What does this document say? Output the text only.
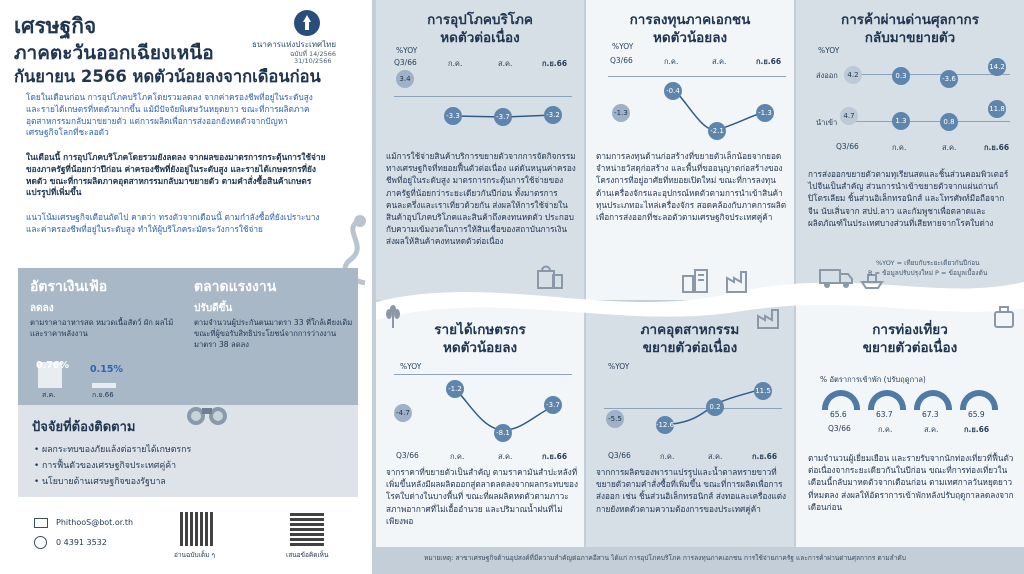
เศรษฐกิจ
ภาคตะวันออกเฉียงเหนือ
กันยายน 2566 หดตัวน้อยลงจากเดือนก่อน
ธนาคารแห่งประเทศไทย
ฉบับที่ 14/2566
31/10/2566
โดยในเดือนก่อน การอุปโภคบริโภคโดยรวมลดลง จากค่าครองชีพที่อยู่ในระดับสูง และรายได้เกษตรที่หดตัวมากขึ้น แม้มีปัจจัยพิเศษวันหยุดยาว ขณะที่การผลิตภาคอุตสาหกรรมกลับมาขยายตัว แต่การผลิตเพื่อการส่งออกยังหดตัวจากปัญหาเศรษฐกิจโลกที่ชะลอตัว
ในเดือนนี้ การอุปโภคบริโภคโดยรวมยังลดลง จากผลของมาตรการกระตุ้นการใช้จ่ายของภาครัฐที่น้อยกว่าปีก่อน ค่าครองชีพที่ยังอยู่ในระดับสูง และรายได้เกษตรกรที่ยังหดตัว ขณะที่การผลิตภาคอุตสาหกรรมกลับมาขยายตัว ตามคำสั่งซื้อสินค้าเกษตรแปรรูปที่เพิ่มขึ้น
แนวโน้มเศรษฐกิจเดือนถัดไป คาดว่า ทรงตัวจากเดือนนี้ ตามกำลังซื้อที่ยังเปราะบางและค่าครองชีพที่อยู่ในระดับสูง ทำให้ผู้บริโภคระมัดระวังการใช้จ่าย
อัตราเงินเฟ้อ
ลดลง
ตามราคาอาหารสด หมวดเนื้อสัตว์ ผัก ผลไม้ และราคาพลังงาน
0.76% 0.15%
ส.ค.	ก.ย.66
ตลาดแรงงาน
ปรับดีขึ้น
ตามจำนวนผู้ประกันตนมาตรา 33 ที่ใกล้เคียงเดิม ขณะที่ผู้ขอรับสิทธิประโยชน์จากการว่างงานมาตรา 38 ลดลง
ปัจจัยที่ต้องติดตาม
• ผลกระทบของภัยแล้งต่อรายได้เกษตรกร
• การฟื้นตัวของเศรษฐกิจประเทศคู่ค้า
• นโยบายด้านเศรษฐกิจของรัฐบาล
PhithooS@bot.or.th
0 4391 3532
อ่านฉบับเต็ม ๆ	เสนอข้อคิดเห็น
การอุปโภคบริโภค
หดตัวต่อเนื่อง
%YOY
Q3/66	ก.ค.	ส.ค.	ก.ย.66
3.4
-3.3	-3.7	-3.2
แม้การใช้จ่ายสินค้าบริการขยายตัวจากการจัดกิจกรรมทางเศรษฐกิจที่ทยอยฟื้นตัวต่อเนื่อง แต่ดันหนุนค่าครองชีพที่อยู่ในระดับสูง มาตรการกระตุ้นการใช้จ่ายของภาครัฐที่น้อยกว่าระยะเดียวกันปีก่อน ทั้งมาตรการคนละครึ่งและเราเที่ยวด้วยกัน ส่งผลให้การใช้จ่ายในสินค้าอุปโภคบริโภคและสินค้าถึงคงทนหดตัว ประกอบกับความเข้มงวดในการให้สินเชื่อของสถาบันการเงิน ส่งผลให้สินค้าคงทนหดตัวต่อเนื่อง
การลงทุนภาคเอกชน
หดตัวน้อยลง
%YOY
Q3/66	ก.ค.	ส.ค.	ก.ย.66
-1.3
-0.4
-2.1
-1.3
ตามการลงทุนด้านก่อสร้างที่ขยายตัวเล็กน้อยจากยอดจำหน่ายวัสดุก่อสร้าง และพื้นที่ขออนุญาตก่อสร้างของโครงการที่อยู่อาศัยที่ทยอยเปิดใหม่ ขณะที่การลงทุนด้านเครื่องจักรและอุปกรณ์หดตัวตามการนำเข้าสินค้าทุนประเภทอะไหล่เครื่องจักร สอดคล้องกับภาคการผลิตเพื่อการส่งออกที่ชะลอตัวตามเศรษฐกิจประเทศคู่ค้า
การค้าผ่านด่านศุลกากร
กลับมาขยายตัว
%YOY
ส่งออก 4.2	0.3	-3.6
14.2
นำเข้า
4.7
1.3	0.8
11.8
Q3/66	ก.ค.	ส.ค.	ก.ย.66
การส่งออกขยายตัวตามทุเรียนสดและชิ้นส่วนคอมพิวเตอร์ไปจีนเป็นสำคัญ ส่วนการนำเข้าขยายตัวจากแผ่นถ่านก์ ปิโตรเลียม ชิ้นส่วนอิเล็กทรอนิกส์ และโทรศัพท์มือถือจากจีน นับเสิ่นจาก สปป.ลาว และกัมพูชาเพื่อตลาดและผลิตภัณฑ์ในประเทศบางส่วนที่เสียหายจากโรคใบด่าง
%YOY = เทียบกับระยะเดียวกันปีก่อน
R = ข้อมูลปรับปรุงใหม่ P = ข้อมูลเบื้องต้น
รายได้เกษตรกร
หดตัวน้อยลง
%YOY
-4.7
-1.2
-8.1
-3.7
Q3/66	ก.ค.	ส.ค.	ก.ย.66
จากราคาที่ขยายตัวเป็นสำคัญ ตามราคามันสำปะหลังที่เพิ่มขึ้นหลังมีผลผลิตออกสู่ตลาดลดลงจากผลกระทบของโรคใบด่างในบางพื้นที่ ขณะที่ผลผลิตหดตัวตามภาวะสภาพอากาศที่ไม่เอื้ออำนวย และปริมาณน้ำฝนที่ไม่เพียงพอ
ภาคอุตสาหกรรม
ขยายตัวต่อเนื่อง
%YOY
-5.5
-12.6
0.2
11.5
Q3/66	ก.ค.	ส.ค.	ก.ย.66
จากการผลิตของพาราแปรรูปและน้ำตาลทรายขาวที่ขยายตัวตามคำสั่งซื้อที่เพิ่มขึ้น ขณะที่การผลิตเพื่อการส่งออก เช่น ชิ้นส่วนอิเล็กทรอนิกส์ ส่งทอและเครื่องแต่งกายยังหดตัวตามความต้องการของประเทศคู่ค้า
การท่องเที่ยว
ขยายตัวต่อเนื่อง
% อัตราการเข้าพัก (ปรับฤดูกาล)
65.6	63.7	67.3	65.9
Q3/66	ก.ค.	ส.ค.	ก.ย.66
ตามจำนวนผู้เยี่ยมเยือน และรายรับจากนักท่องเที่ยวที่ฟื้นตัวต่อเนื่องจากระยะเดียวกันในปีก่อน ขณะที่การท่องเที่ยวในเดือนนี้กลับมาหดตัวจากเดือนก่อน ตามเทศกาลวันหยุดยาวที่หมดลง ส่งผลให้อัตราการเข้าพักหลังปรับฤดูกาลลดลงจากเดือนก่อน
หมายเหตุ: สาขาเศรษฐกิจด้านอุปสงค์ที่มีความสำคัญต่อภาคอีสาน ได้แก่ การอุปโภคบริโภค การลงทุนภาคเอกชน การใช้จ่ายภาครัฐ และการค้าผ่านด่านศุลกากร ตามลำดับ
